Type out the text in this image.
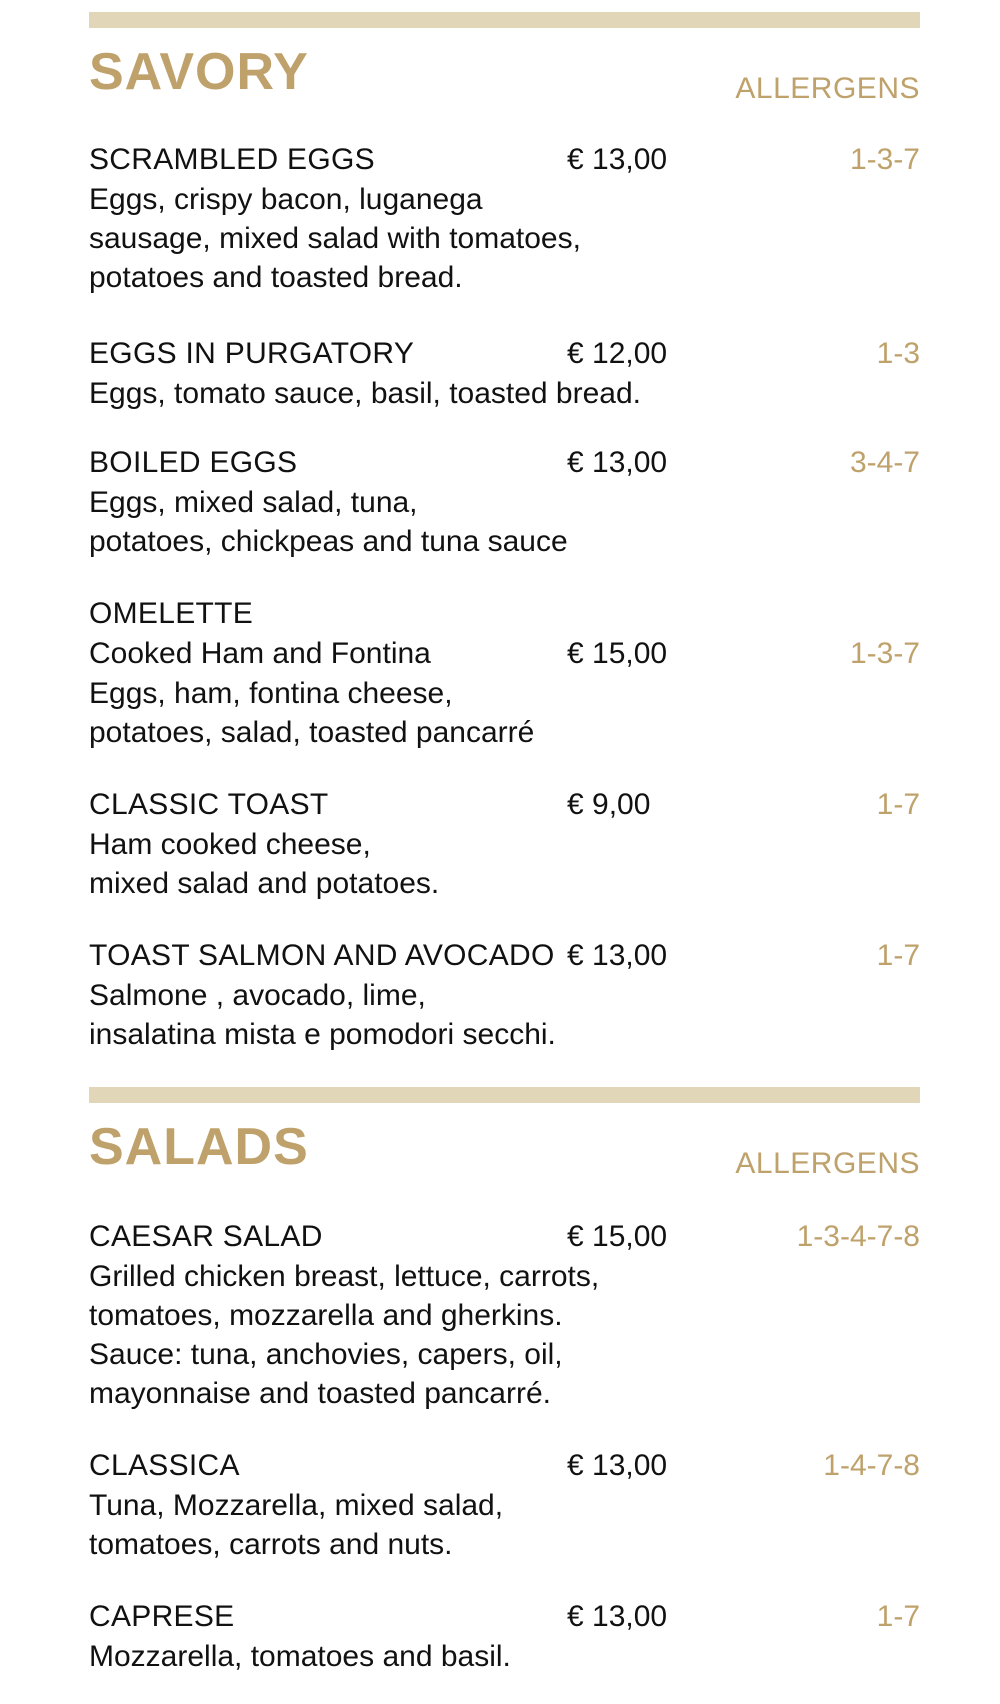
SAVORY	ALLERGENS
SCRAMBLED EGGS	€ 13,00	1-3-7
Eggs, crispy bacon, luganega
sausage, mixed salad with tomatoes,
potatoes and toasted bread.
EGGS IN PURGATORY	€ 12,00	1-3
Eggs, tomato sauce, basil, toasted bread.
BOILED EGGS	€ 13,00	3-4-7
Eggs, mixed salad, tuna,
potatoes, chickpeas and tuna sauce
OMELETTE
Cooked Ham and Fontina	€ 15,00	1-3-7
Eggs, ham, fontina cheese,
potatoes, salad, toasted pancarré
CLASSIC TOAST	€ 9,00	1-7
Ham cooked cheese,
mixed salad and potatoes.
TOAST SALMON AND AVOCADO € 13,00	1-7
Salmone , avocado, lime,
insalatina mista e pomodori secchi.
SALADS	ALLERGENS
CAESAR SALAD	€ 15,00	1-3-4-7-8
Grilled chicken breast, lettuce, carrots,
tomatoes, mozzarella and gherkins.
Sauce: tuna, anchovies, capers, oil,
mayonnaise and toasted pancarré.
CLASSICA	€ 13,00	1-4-7-8
Tuna, Mozzarella, mixed salad,
tomatoes, carrots and nuts.
CAPRESE	€ 13,00	1-7
Mozzarella, tomatoes and basil.
